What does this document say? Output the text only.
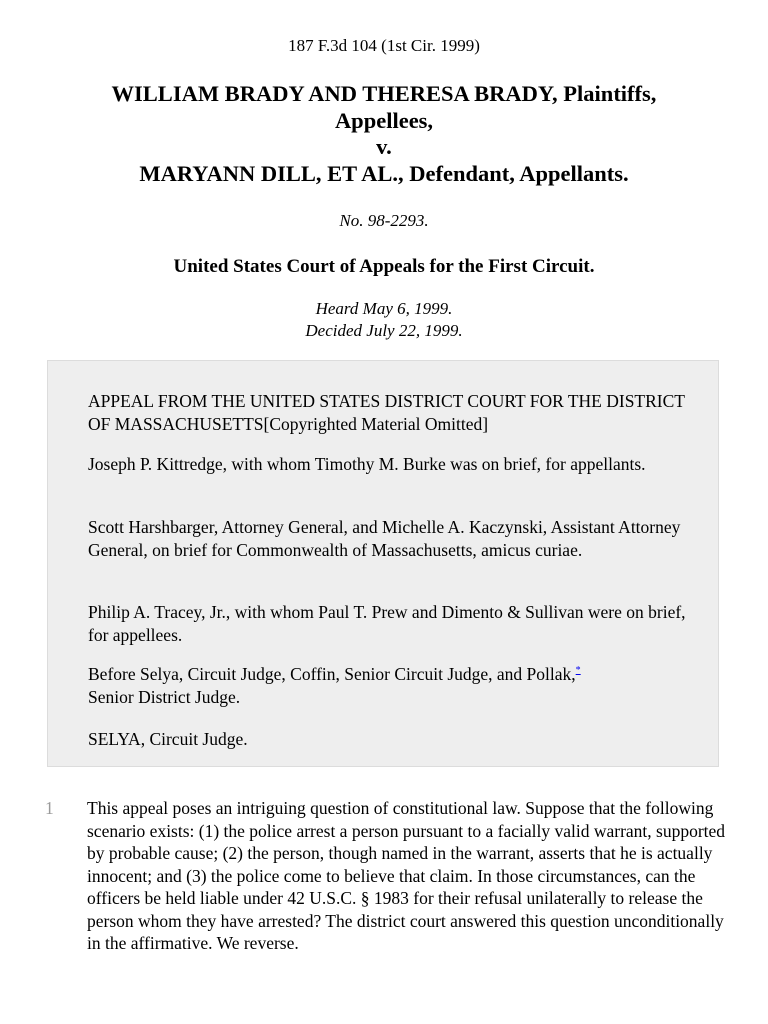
187 F.3d 104 (1st Cir. 1999)
WILLIAM BRADY AND THERESA BRADY, Plaintiffs,
Appellees,
v.
MARYANN DILL, ET AL., Defendant, Appellants.
No. 98-2293.
United States Court of Appeals for the First Circuit.
Heard May 6, 1999.
Decided July 22, 1999.

APPEAL FROM THE UNITED STATES DISTRICT COURT FOR THE DISTRICT OF MASSACHUSETTS[Copyrighted Material Omitted]

Joseph P. Kittredge, with whom Timothy M. Burke was on brief, for appellants.

Scott Harshbarger, Attorney General, and Michelle A. Kaczynski, Assistant Attorney General, on brief for Commonwealth of Massachusetts, amicus curiae.

Philip A. Tracey, Jr., with whom Paul T. Prew and Dimento & Sullivan were on brief, for appellees.

Before Selya, Circuit Judge, Coffin, Senior Circuit Judge, and Pollak,*
Senior District Judge.

SELYA, Circuit Judge.

1 This appeal poses an intriguing question of constitutional law. Suppose that the following scenario exists: (1) the police arrest a person pursuant to a facially valid warrant, supported by probable cause; (2) the person, though named in the warrant, asserts that he is actually innocent; and (3) the police come to believe that claim. In those circumstances, can the officers be held liable under 42 U.S.C. § 1983 for their refusal unilaterally to release the person whom they have arrested? The district court answered this question unconditionally in the affirmative. We reverse.
